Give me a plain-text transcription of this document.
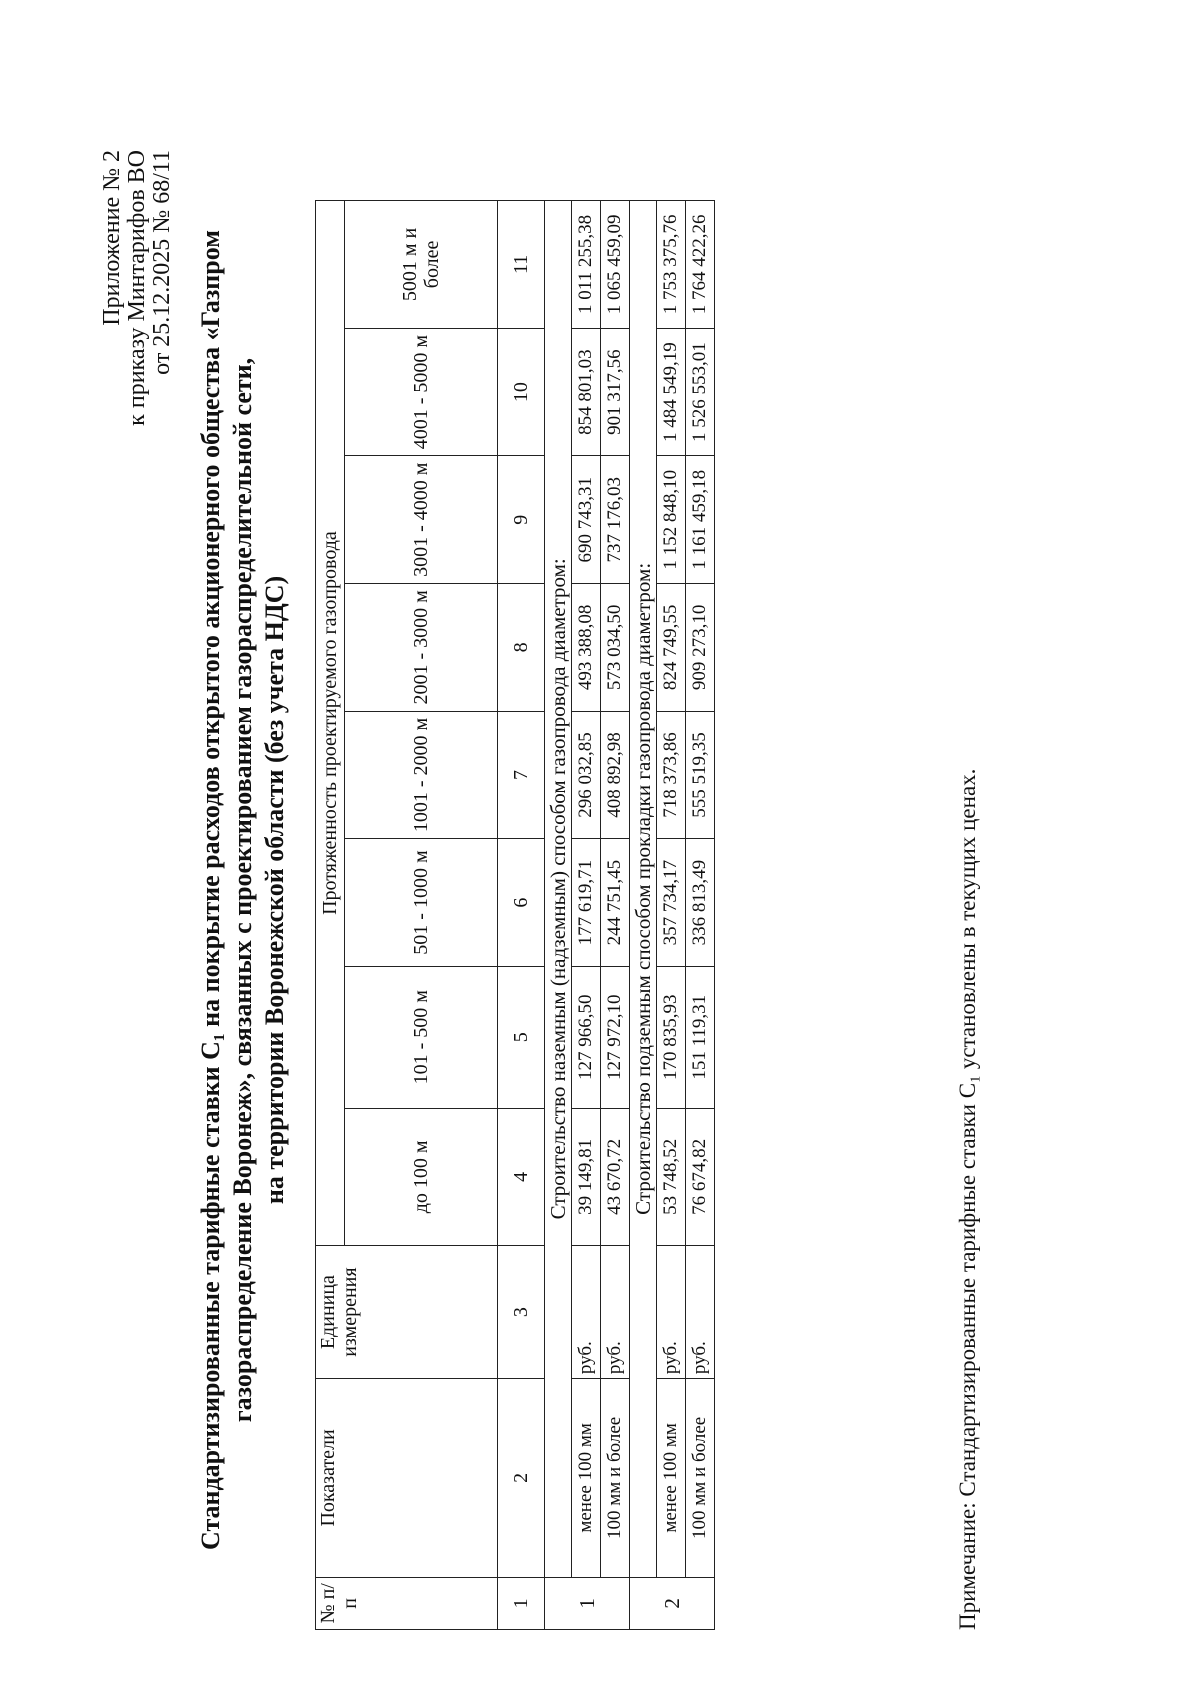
Приложение № 2 к приказу Минтарифов ВО от 25.12.2025 № 68/11 Стандартизированные тарифные ставки С₁ на покрытие расходов открытого акционерного общества «Газпром газораспределение Воронеж», связанных с проектированием газораспределительной сети, на территории Воронежской области (без учета НДС)
№ п/п	Показатели	Единица измерения	Протяженность проектируемого газопровода							
			до 100 м	101 - 500 м	501 - 1000 м	1001 - 2000 м	2001 - 3000 м	3001 - 4000 м	4001 - 5000 м	5001 м и более
1	2	3	4	5	6	7	8	9	10	11
1	Строительство наземным (надземным) способом газопровода диаметром:									
	менее 100 мм	руб.	39 149,81	127 966,50	177 619,71	296 032,85	493 388,08	690 743,31	854 801,03	1 011 255,38
	100 мм и более	руб.	43 670,72	127 972,10	244 751,45	408 892,98	573 034,50	737 176,03	901 317,56	1 065 459,09
2	Строительство подземным способом прокладки газопровода диаметром:									
	менее 100 мм	руб.	53 748,52	170 835,93	357 734,17	718 373,86	824 749,55	1 152 848,10	1 484 549,19	1 753 375,76
	100 мм и более	руб.	76 674,82	151 119,31	336 813,49	555 519,35	909 273,10	1 161 459,18	1 526 553,01	1 764 422,26
Примечание: Стандартизированные тарифные ставки С₁ установлены в текущих ценах.
